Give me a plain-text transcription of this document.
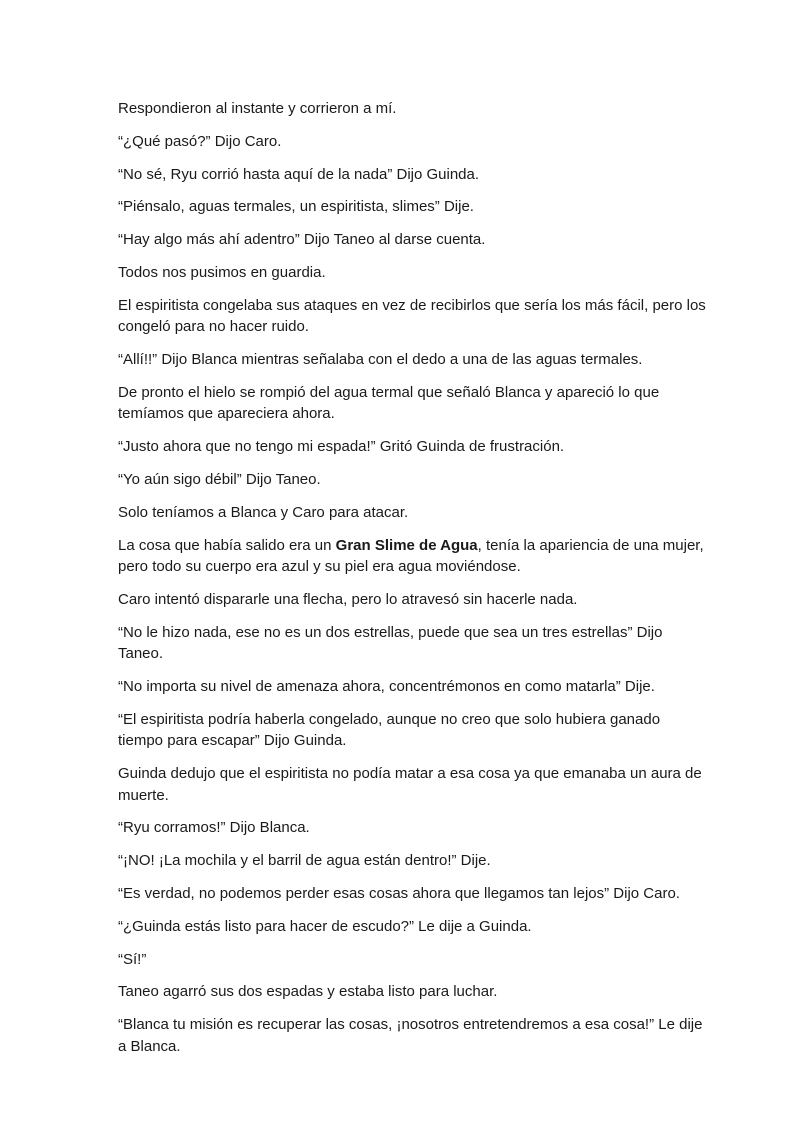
Respondieron al instante y corrieron a mí.

“¿Qué pasó?” Dijo Caro.

“No sé, Ryu corrió hasta aquí de la nada” Dijo Guinda.

“Piénsalo, aguas termales, un espiritista, slimes” Dije.

“Hay algo más ahí adentro” Dijo Taneo al darse cuenta.

Todos nos pusimos en guardia.

El espiritista congelaba sus ataques en vez de recibirlos que sería los más fácil, pero los congeló para no hacer ruido.

“Allí!!” Dijo Blanca mientras señalaba con el dedo a una de las aguas termales.

De pronto el hielo se rompió del agua termal que señaló Blanca y apareció lo que temíamos que apareciera ahora.

“Justo ahora que no tengo mi espada!” Gritó Guinda de frustración.

“Yo aún sigo débil” Dijo Taneo.

Solo teníamos a Blanca y Caro para atacar.

La cosa que había salido era un Gran Slime de Agua, tenía la apariencia de una mujer, pero todo su cuerpo era azul y su piel era agua moviéndose.

Caro intentó dispararle una flecha, pero lo atravesó sin hacerle nada.

“No le hizo nada, ese no es un dos estrellas, puede que sea un tres estrellas” Dijo Taneo.

“No importa su nivel de amenaza ahora, concentrémonos en como matarla” Dije.

“El espiritista podría haberla congelado, aunque no creo que solo hubiera ganado tiempo para escapar” Dijo Guinda.

Guinda dedujo que el espiritista no podía matar a esa cosa ya que emanaba un aura de muerte.

“Ryu corramos!” Dijo Blanca.

“¡NO! ¡La mochila y el barril de agua están dentro!” Dije.

“Es verdad, no podemos perder esas cosas ahora que llegamos tan lejos” Dijo Caro.

“¿Guinda estás listo para hacer de escudo?” Le dije a Guinda.

“Sí!”

Taneo agarró sus dos espadas y estaba listo para luchar.

“Blanca tu misión es recuperar las cosas, ¡nosotros entretendremos a esa cosa!” Le dije a Blanca.
